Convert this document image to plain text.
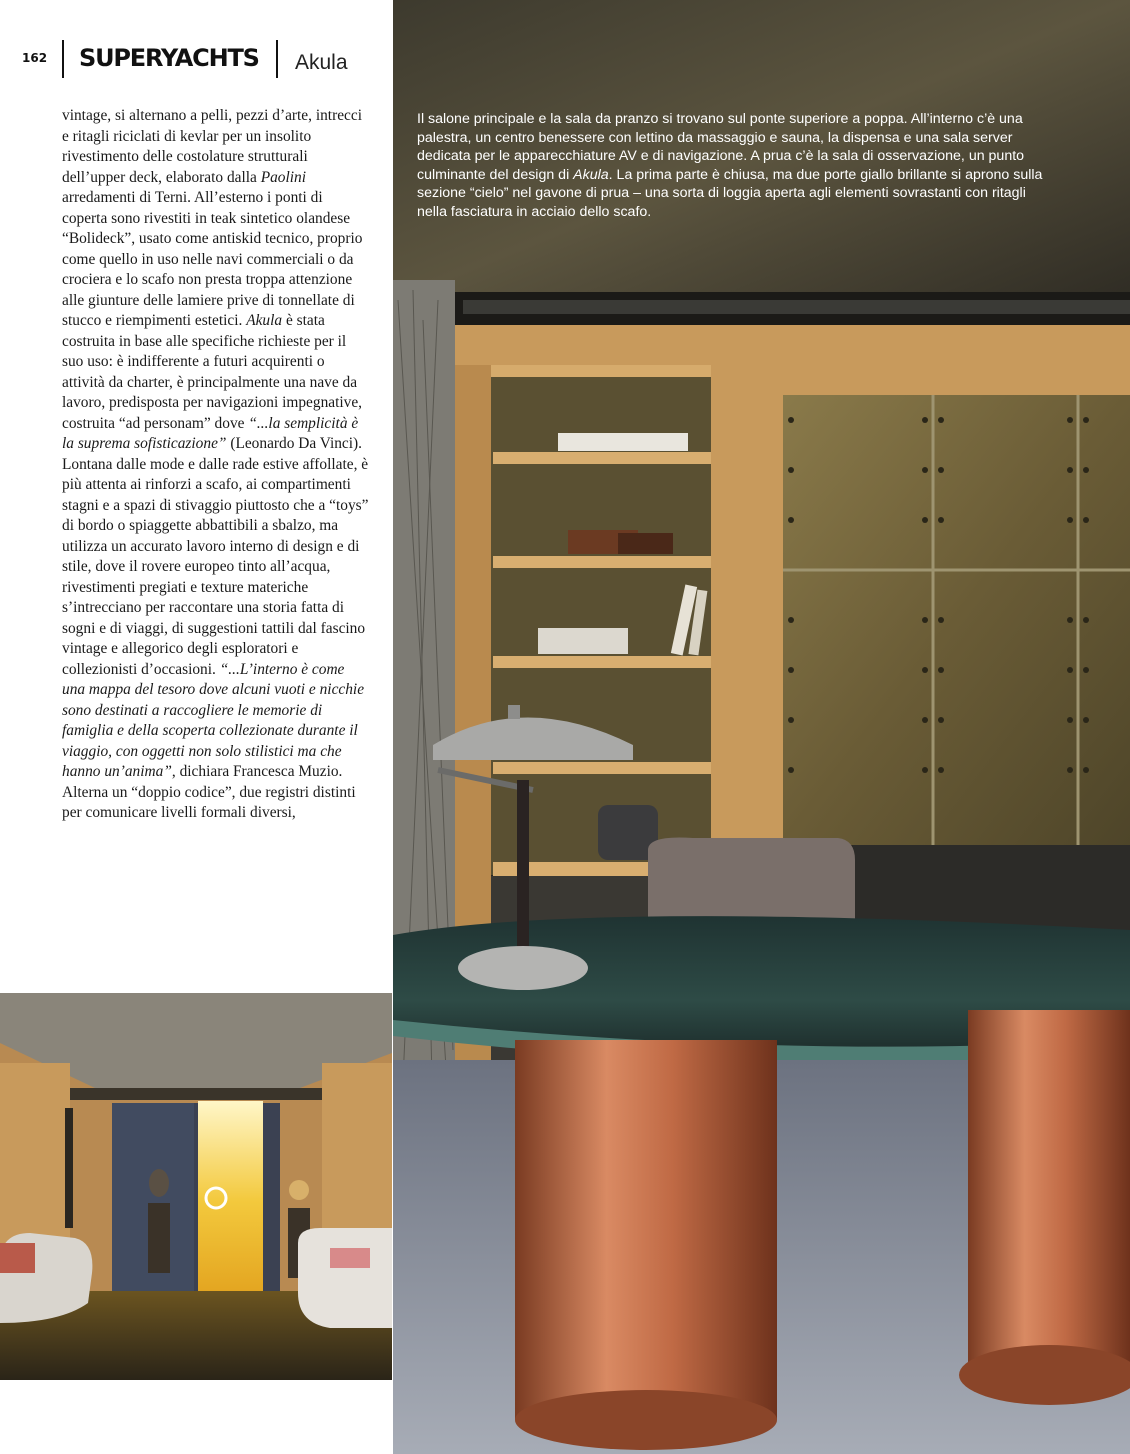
162 SUPERYACHTS Akula

vintage, si alternano a pelli, pezzi d’arte, intrecci e ritagli riciclati di kevlar per un insolito rivestimento delle costolature strutturali dell’upper deck, elaborato dalla Paolini arredamenti di Terni. All’esterno i ponti di coperta sono rivestiti in teak sintetico olandese “Bolideck”, usato come antiskid tecnico, proprio come quello in uso nelle navi commerciali o da crociera e lo scafo non presta troppa attenzione alle giunture delle lamiere prive di tonnellate di stucco e riempimenti estetici. Akula è stata costruita in base alle specifiche richieste per il suo uso: è indifferente a futuri acquirenti o attività da charter, è principalmente una nave da lavoro, predisposta per navigazioni impegnative, costruita “ad personam” dove “...la semplicità è la suprema sofisticazione” (Leonardo Da Vinci). Lontana dalle mode e dalle rade estive affollate, è più attenta ai rinforzi a scafo, ai compartimenti stagni e a spazi di stivaggio piuttosto che a “toys” di bordo o spiaggette abbattibili a sbalzo, ma utilizza un accurato lavoro interno di design e di stile, dove il rovere europeo tinto all’acqua, rivestimenti pregiati e texture materiche s’intrecciano per raccontare una storia fatta di sogni e di viaggi, di suggestioni tattili dal fascino vintage e allegorico degli esploratori e collezionisti d’occasioni. “...L’interno è come una mappa del tesoro dove alcuni vuoti e nicchie sono destinati a raccogliere le memorie di famiglia e della scoperta collezionate durante il viaggio, con oggetti non solo stilistici ma che hanno un’anima”, dichiara Francesca Muzio. Alterna un “doppio codice”, due registri distinti per comunicare livelli formali diversi,

Il salone principale e la sala da pranzo si trovano sul ponte superiore a poppa. All’interno c’è una palestra, un centro benessere con lettino da massaggio e sauna, la dispensa e una sala server dedicata per le apparecchiature AV e di navigazione. A prua c’è la sala di osservazione, un punto culminante del design di Akula. La prima parte è chiusa, ma due porte giallo brillante si aprono sulla sezione “cielo” nel gavone di prua – una sorta di loggia aperta agli elementi sovrastanti con ritagli nella fasciatura in acciaio dello scafo.
